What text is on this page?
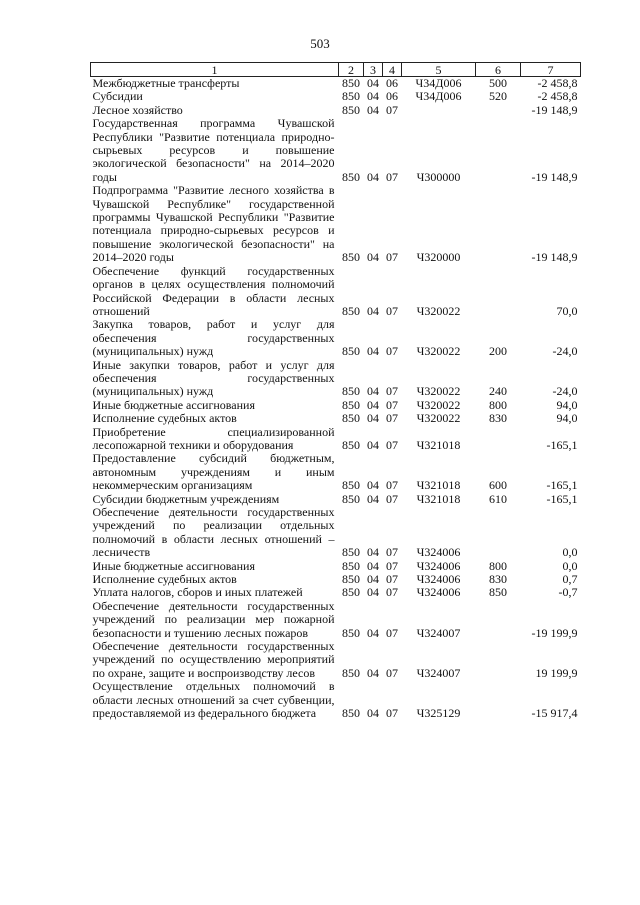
503
1	2	3	4	5	6	7
Межбюджетные трансферты	850	04	06	Ч34Д006	500	-2 458,8
Субсидии	850	04	06	Ч34Д006	520	-2 458,8
Лесное хозяйство	850	04	07			-19 148,9
Государственная программа Чувашской Республики "Развитие потенциала природно-сырьевых ресурсов и повышение экологической безопасности" на 2014–2020 годы	850	04	07	Ч300000		-19 148,9
Подпрограмма "Развитие лесного хозяйства в Чувашской Республике" государственной программы Чувашской Республики "Развитие потенциала природно-сырьевых ресурсов и повышение экологической безопасности" на 2014–2020 годы	850	04	07	Ч320000		-19 148,9
Обеспечение функций государственных органов в целях осуществления полномочий Российской Федерации в области лесных отношений	850	04	07	Ч320022		70,0
Закупка товаров, работ и услуг для обеспечения государственных (муниципальных) нужд	850	04	07	Ч320022	200	-24,0
Иные закупки товаров, работ и услуг для обеспечения государственных (муниципальных) нужд	850	04	07	Ч320022	240	-24,0
Иные бюджетные ассигнования	850	04	07	Ч320022	800	94,0
Исполнение судебных актов	850	04	07	Ч320022	830	94,0
Приобретение специализированной лесопожарной техники и оборудования	850	04	07	Ч321018		-165,1
Предоставление субсидий бюджетным, автономным учреждениям и иным некоммерческим организациям	850	04	07	Ч321018	600	-165,1
Субсидии бюджетным учреждениям	850	04	07	Ч321018	610	-165,1
Обеспечение деятельности государственных учреждений по реализации отдельных полномочий в области лесных отношений – лесничеств	850	04	07	Ч324006		0,0
Иные бюджетные ассигнования	850	04	07	Ч324006	800	0,0
Исполнение судебных актов	850	04	07	Ч324006	830	0,7
Уплата налогов, сборов и иных платежей	850	04	07	Ч324006	850	-0,7
Обеспечение деятельности государственных учреждений по реализации мер пожарной безопасности и тушению лесных пожаров	850	04	07	Ч324007		-19 199,9
Обеспечение деятельности государственных учреждений по осуществлению мероприятий по охране, защите и воспроизводству лесов	850	04	07	Ч324007		19 199,9
Осуществление отдельных полномочий в области лесных отношений за счет субвенции, предоставляемой из федерального бюджета	850	04	07	Ч325129		-15 917,4
